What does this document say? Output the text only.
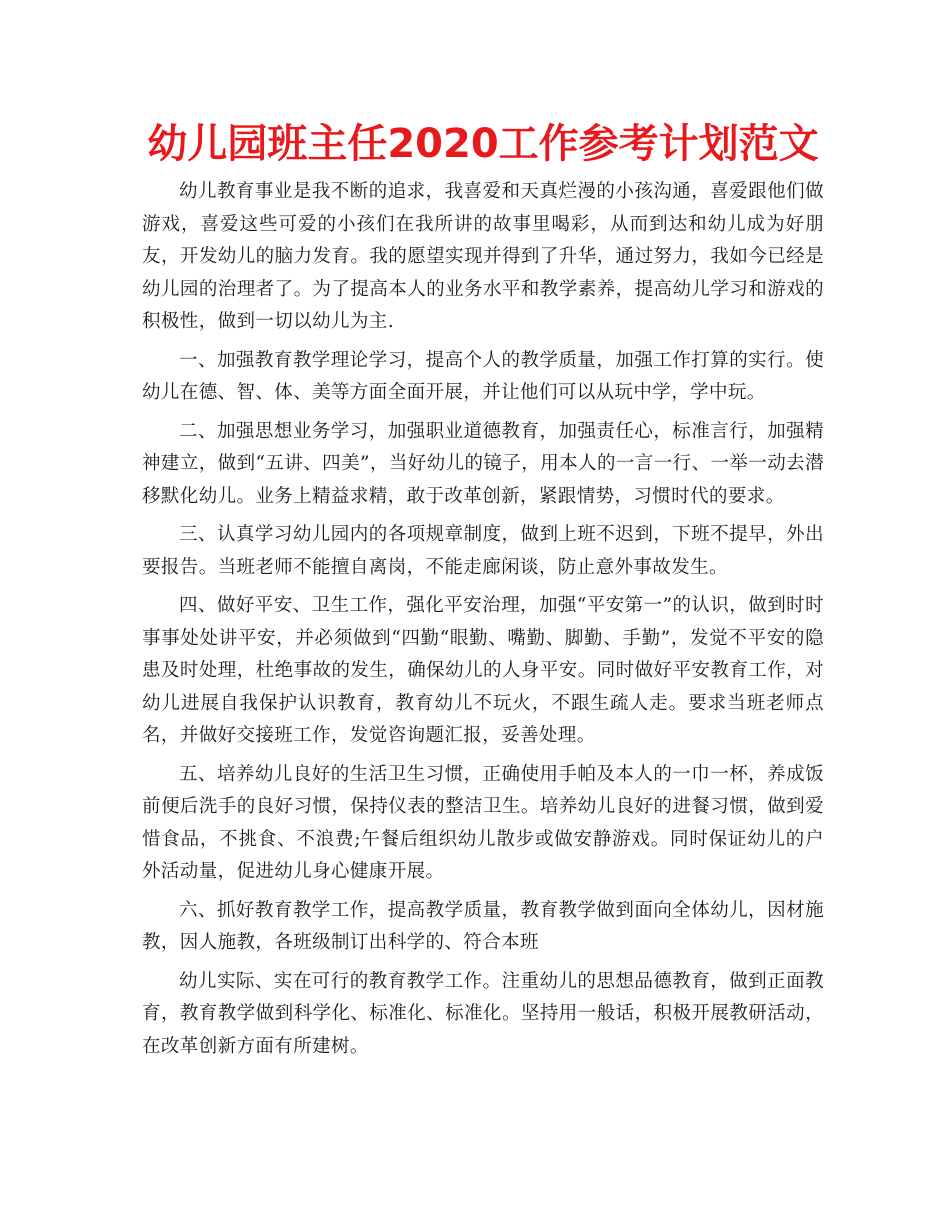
幼儿园班主任2020工作参考计划范文

幼儿教育事业是我不断的追求，我喜爱和天真烂漫的小孩沟通，喜爱跟他们做游戏，喜爱这些可爱的小孩们在我所讲的故事里喝彩，从而到达和幼儿成为好朋友，开发幼儿的脑力发育。我的愿望实现并得到了升华，通过努力，我如今已经是幼儿园的治理者了。为了提高本人的业务水平和教学素养，提高幼儿学习和游戏的积极性，做到一切以幼儿为主.

一、加强教育教学理论学习，提高个人的教学质量，加强工作打算的实行。使幼儿在德、智、体、美等方面全面开展，并让他们可以从玩中学，学中玩。

二、加强思想业务学习，加强职业道德教育，加强责任心，标准言行，加强精神建立，做到“五讲、四美”，当好幼儿的镜子，用本人的一言一行、一举一动去潜移默化幼儿。业务上精益求精，敢于改革创新，紧跟情势，习惯时代的要求。

三、认真学习幼儿园内的各项规章制度，做到上班不迟到，下班不提早，外出要报告。当班老师不能擅自离岗，不能走廊闲谈，防止意外事故发生。

四、做好平安、卫生工作，强化平安治理，加强“平安第一”的认识，做到时时事事处处讲平安，并必须做到“四勤“眼勤、嘴勤、脚勤、手勤”，发觉不平安的隐患及时处理，杜绝事故的发生，确保幼儿的人身平安。同时做好平安教育工作，对幼儿进展自我保护认识教育，教育幼儿不玩火，不跟生疏人走。要求当班老师点名，并做好交接班工作，发觉咨询题汇报，妥善处理。

五、培养幼儿良好的生活卫生习惯，正确使用手帕及本人的一巾一杯，养成饭前便后洗手的良好习惯，保持仪表的整洁卫生。培养幼儿良好的进餐习惯，做到爱惜食品，不挑食、不浪费;午餐后组织幼儿散步或做安静游戏。同时保证幼儿的户外活动量，促进幼儿身心健康开展。

六、抓好教育教学工作，提高教学质量，教育教学做到面向全体幼儿，因材施教，因人施教，各班级制订出科学的、符合本班

幼儿实际、实在可行的教育教学工作。注重幼儿的思想品德教育，做到正面教育，教育教学做到科学化、标准化、标准化。坚持用一般话，积极开展教研活动，在改革创新方面有所建树。
